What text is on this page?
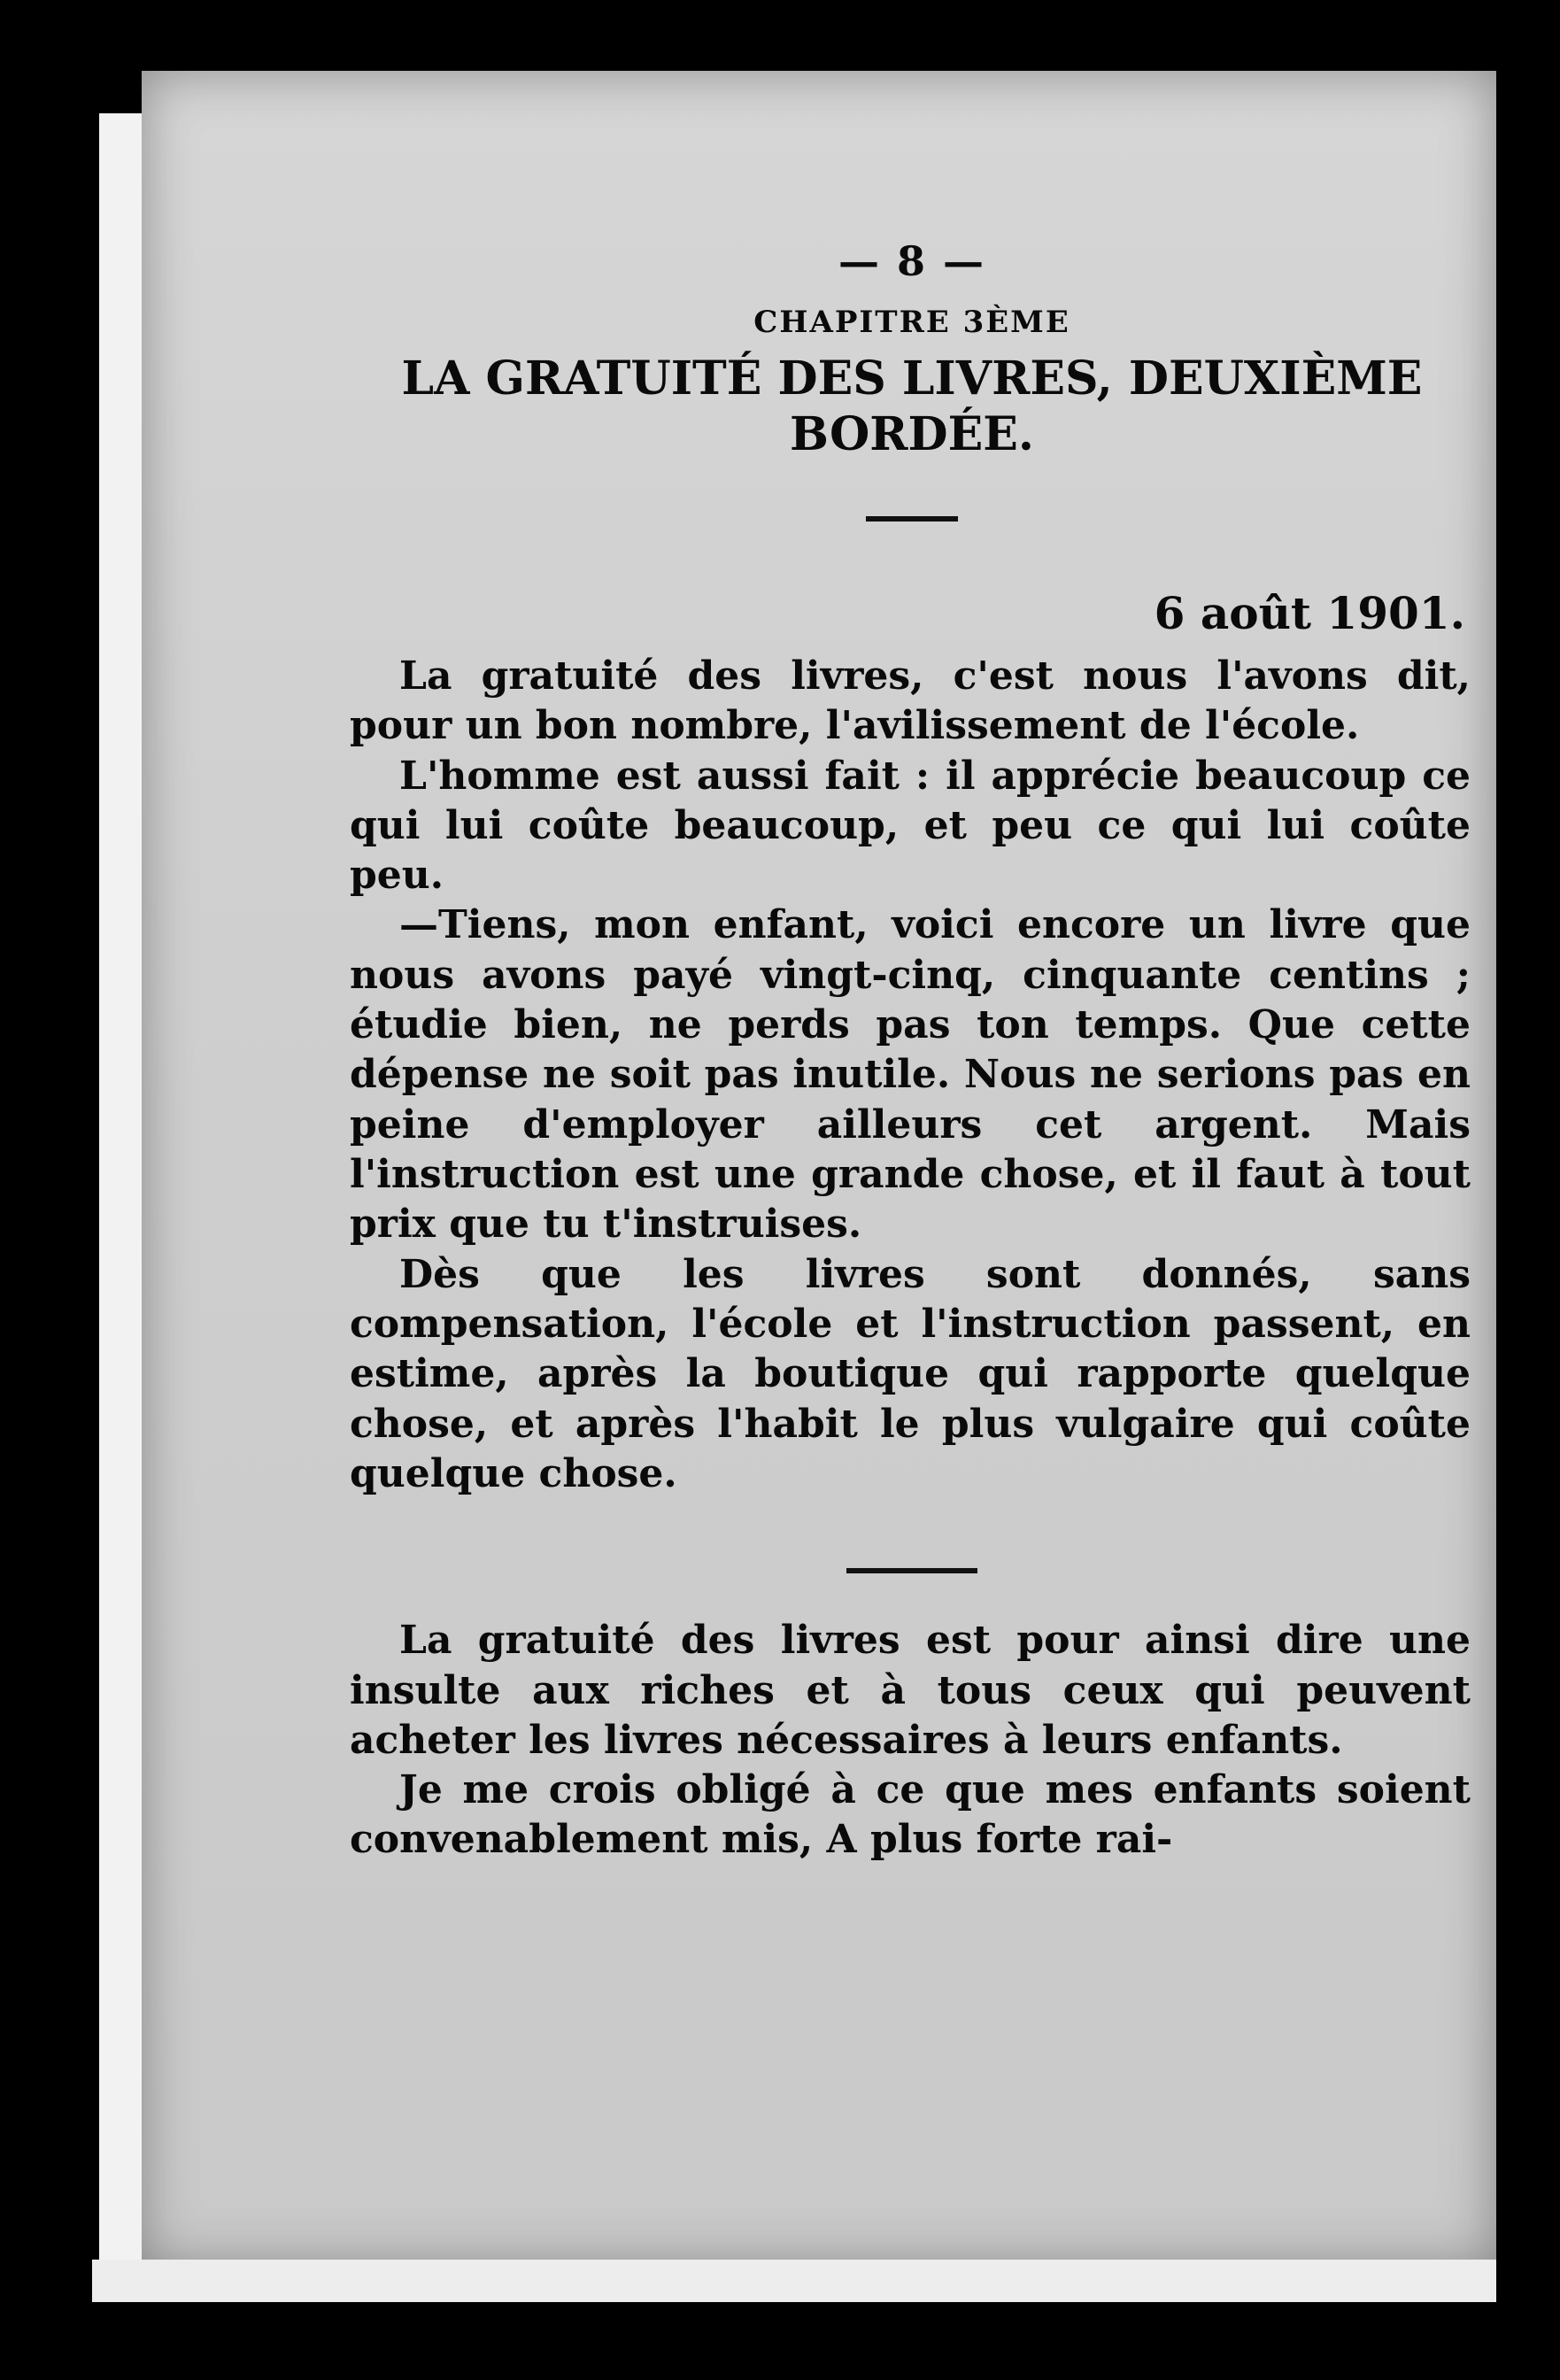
— 8 —
CHAPITRE 3ÈME
LA GRATUITÉ DES LIVRES, DEUXIÈME BORDÉE.
6 août 1901.

La gratuité des livres, c'est nous l'avons dit, pour un bon nombre, l'avilissement de l'école.

L'homme est aussi fait : il apprécie beaucoup ce qui lui coûte beaucoup, et peu ce qui lui coûte peu.

—Tiens, mon enfant, voici encore un livre que nous avons payé vingt-cinq, cinquante centins ; étudie bien, ne perds pas ton temps. Que cette dépense ne soit pas inutile. Nous ne serions pas en peine d'employer ailleurs cet argent. Mais l'instruction est une grande chose, et il faut à tout prix que tu t'instruises.

Dès que les livres sont donnés, sans compensation, l'école et l'instruction passent, en estime, après la boutique qui rapporte quelque chose, et après l'habit le plus vulgaire qui coûte quelque chose.

La gratuité des livres est pour ainsi dire une insulte aux riches et à tous ceux qui peuvent acheter les livres nécessaires à leurs enfants.

Je me crois obligé à ce que mes enfants soient convenablement mis, A plus forte rai-
